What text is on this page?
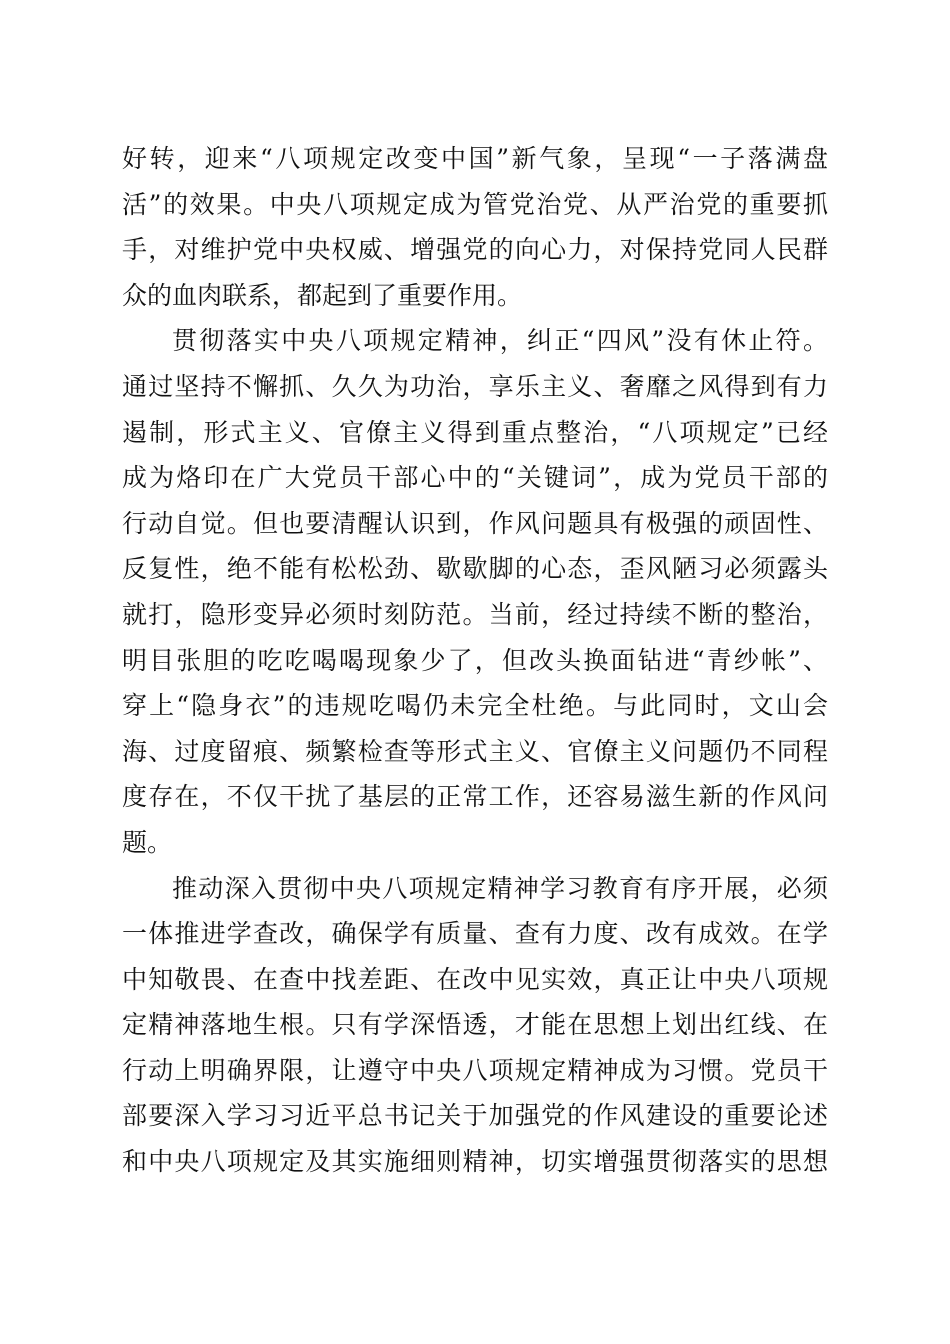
好转，迎来“八项规定改变中国”新气象，呈现“一子落满盘
活”的效果。中央八项规定成为管党治党、从严治党的重要抓
手，对维护党中央权威、增强党的向心力，对保持党同人民群
众的血肉联系，都起到了重要作用。
贯彻落实中央八项规定精神，纠正“四风”没有休止符。
通过坚持不懈抓、久久为功治，享乐主义、奢靡之风得到有力
遏制，形式主义、官僚主义得到重点整治，“八项规定”已经
成为烙印在广大党员干部心中的“关键词”，成为党员干部的
行动自觉。但也要清醒认识到，作风问题具有极强的顽固性、
反复性，绝不能有松松劲、歇歇脚的心态，歪风陋习必须露头
就打，隐形变异必须时刻防范。当前，经过持续不断的整治，
明目张胆的吃吃喝喝现象少了，但改头换面钻进“青纱帐”、
穿上“隐身衣”的违规吃喝仍未完全杜绝。与此同时，文山会
海、过度留痕、频繁检查等形式主义、官僚主义问题仍不同程
度存在，不仅干扰了基层的正常工作，还容易滋生新的作风问
题。
推动深入贯彻中央八项规定精神学习教育有序开展，必须
一体推进学查改，确保学有质量、查有力度、改有成效。在学
中知敬畏、在查中找差距、在改中见实效，真正让中央八项规
定精神落地生根。只有学深悟透，才能在思想上划出红线、在
行动上明确界限，让遵守中央八项规定精神成为习惯。党员干
部要深入学习习近平总书记关于加强党的作风建设的重要论述
和中央八项规定及其实施细则精神，切实增强贯彻落实的思想
